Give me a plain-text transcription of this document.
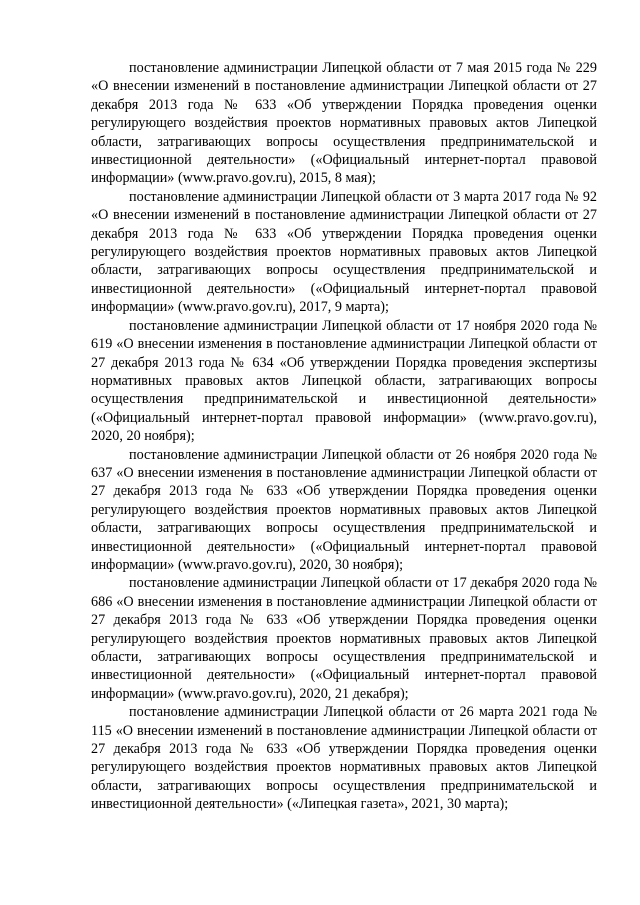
постановление администрации Липецкой области от 7 мая 2015 года № 229 «О внесении изменений в постановление администрации Липецкой области от 27 декабря 2013 года № 633 «Об утверждении Порядка проведения оценки регулирующего воздействия проектов нормативных правовых актов Липецкой области, затрагивающих вопросы осуществления предпринимательской и инвестиционной деятельности» («Официальный интернет-портал правовой информации» (www.pravo.gov.ru), 2015, 8 мая);

постановление администрации Липецкой области от 3 марта 2017 года № 92 «О внесении изменений в постановление администрации Липецкой области от 27 декабря 2013 года № 633 «Об утверждении Порядка проведения оценки регулирующего воздействия проектов нормативных правовых актов Липецкой области, затрагивающих вопросы осуществления предпринимательской и инвестиционной деятельности» («Официальный интернет-портал правовой информации» (www.pravo.gov.ru), 2017, 9 марта);

постановление администрации Липецкой области от 17 ноября 2020 года № 619 «О внесении изменения в постановление администрации Липецкой области от 27 декабря 2013 года № 634 «Об утверждении Порядка проведения экспертизы нормативных правовых актов Липецкой области, затрагивающих вопросы осуществления предпринимательской и инвестиционной деятельности» («Официальный интернет-портал правовой информации» (www.pravo.gov.ru), 2020, 20 ноября);

постановление администрации Липецкой области от 26 ноября 2020 года № 637 «О внесении изменения в постановление администрации Липецкой области от 27 декабря 2013 года № 633 «Об утверждении Порядка проведения оценки регулирующего воздействия проектов нормативных правовых актов Липецкой области, затрагивающих вопросы осуществления предпринимательской и инвестиционной деятельности» («Официальный интернет-портал правовой информации» (www.pravo.gov.ru), 2020, 30 ноября);

постановление администрации Липецкой области от 17 декабря 2020 года № 686 «О внесении изменения в постановление администрации Липецкой области от 27 декабря 2013 года № 633 «Об утверждении Порядка проведения оценки регулирующего воздействия проектов нормативных правовых актов Липецкой области, затрагивающих вопросы осуществления предпринимательской и инвестиционной деятельности» («Официальный интернет-портал правовой информации» (www.pravo.gov.ru), 2020, 21 декабря);

постановление администрации Липецкой области от 26 марта 2021 года № 115 «О внесении изменений в постановление администрации Липецкой области от 27 декабря 2013 года № 633 «Об утверждении Порядка проведения оценки регулирующего воздействия проектов нормативных правовых актов Липецкой области, затрагивающих вопросы осуществления предпринимательской и инвестиционной деятельности» («Липецкая газета», 2021, 30 марта);
